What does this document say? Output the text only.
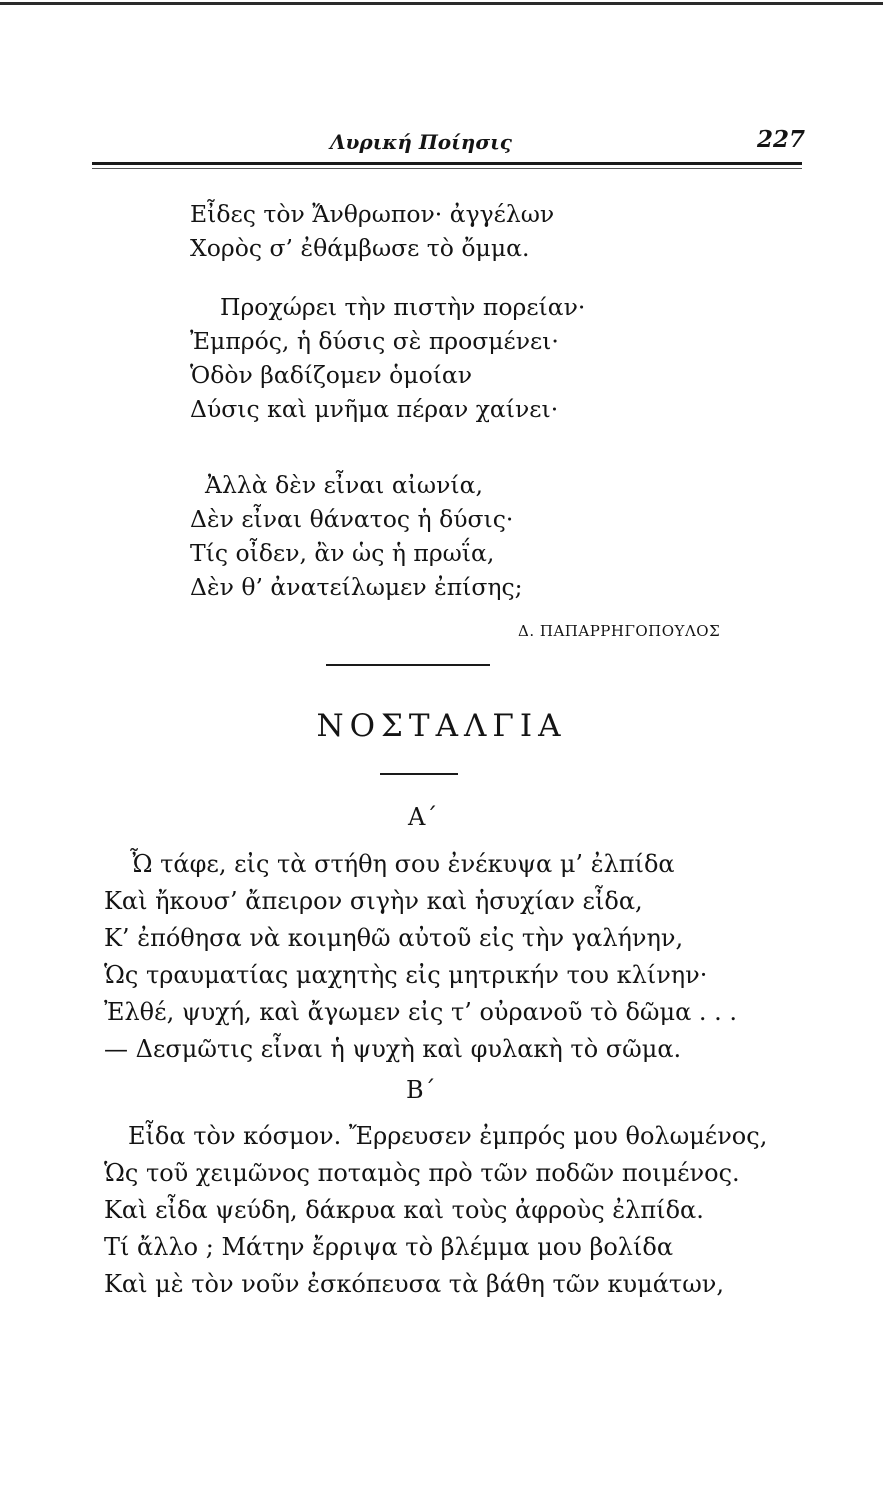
Λυρική Ποίησις	227
Εἶδες τὸν Ἄνθρωπον· ἀγγέλων
Χορὸς σ’ ἐθάμβωσε τὸ ὄμμα.
Προχώρει τὴν πιστὴν πορείαν·
Ἐμπρός, ἡ δύσις σὲ προσμένει·
Ὁδὸν βαδίζομεν ὁμοίαν
Δύσις καὶ μνῆμα πέραν χαίνει·
Ἀλλὰ δὲν εἶναι αἰωνία,
Δὲν εἶναι θάνατος ἡ δύσις·
Τίς οἶδεν, ἂν ὡς ἡ πρωΐα,
Δὲν θ’ ἀνατείλωμεν ἐπίσης;
Δ. ΠΑΠΑΡΡΗΓΟΠΟΥΛΟΣ
ΝΟΣΤΑΛΓΙΑ
Α´
Ὦ τάφε, εἰς τὰ στήθη σου ἐνέκυψα μ’ ἐλπίδα
Καὶ ἤκουσ’ ἄπειρον σιγὴν καὶ ἡσυχίαν εἶδα,
Κ’ ἐπόθησα νὰ κοιμηθῶ αὐτοῦ εἰς τὴν γαλήνην,
Ὡς τραυματίας μαχητὴς εἰς μητρικήν του κλίνην·
Ἐλθέ, ψυχή, καὶ ἄγωμεν εἰς τ’ οὐρανοῦ τὸ δῶμα . . .
— Δεσμῶτις εἶναι ἡ ψυχὴ καὶ φυλακὴ τὸ σῶμα.
Β´
Εἶδα τὸν κόσμον. Ἔρρευσεν ἐμπρός μου θολωμένος,
Ὡς τοῦ χειμῶνος ποταμὸς πρὸ τῶν ποδῶν ποιμένος.
Καὶ εἶδα ψεύδη, δάκρυα καὶ τοὺς ἀφροὺς ἐλπίδα.
Τί ἄλλο ; Μάτην ἔρριψα τὸ βλέμμα μου βολίδα
Καὶ μὲ τὸν νοῦν ἐσκόπευσα τὰ βάθη τῶν κυμάτων,
